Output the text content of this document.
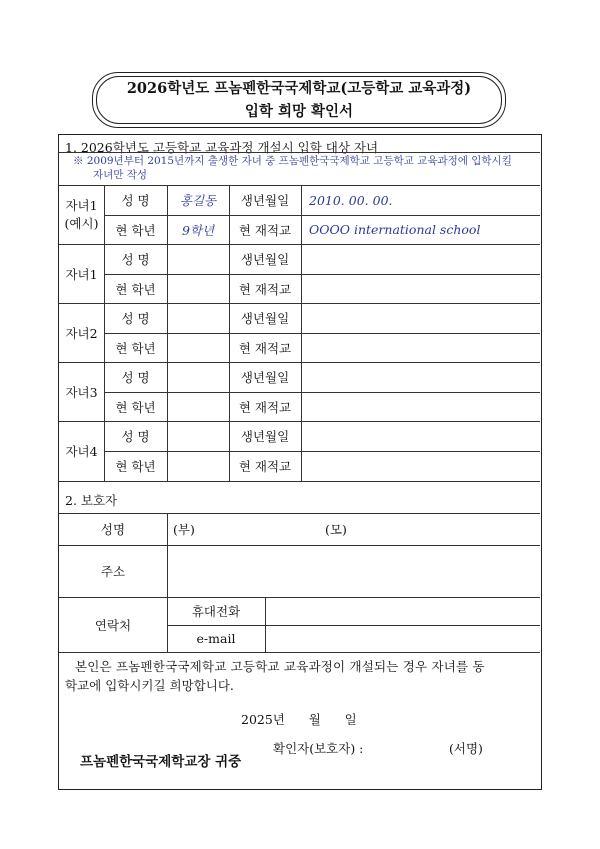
2026학년도 프놈펜한국국제학교(고등학교 교육과정)
입학 희망 확인서
1. 2026학년도 고등학교 교육과정 개설시 입학 대상 자녀
※ 2009년부터 2015년까지 출생한 자녀 중 프놈펜한국국제학교 고등학교 교육과정에 입학시킬
자녀만 작성
자녀1
(예시)
성 명	홍길동	생년월일	2010. 00. 00.
현 학년	9학년	현 재적교	OOOO international school
자녀1
성 명	생년월일
현 학년	현 재적교
자녀2
성 명	생년월일
현 학년	현 재적교
자녀3
성 명	생년월일
현 학년	현 재적교
자녀4
성 명	생년월일
현 학년	현 재적교
2. 보호자
성명	(부)	(모)
주소
연락처
휴대전화
e-mail
본인은 프놈펜한국국제학교 고등학교 교육과정이 개설되는 경우 자녀를 동
학교에 입학시키길 희망합니다.
2025년      월      일
확인자(보호자) :	(서명)
프놈펜한국국제학교장 귀중
